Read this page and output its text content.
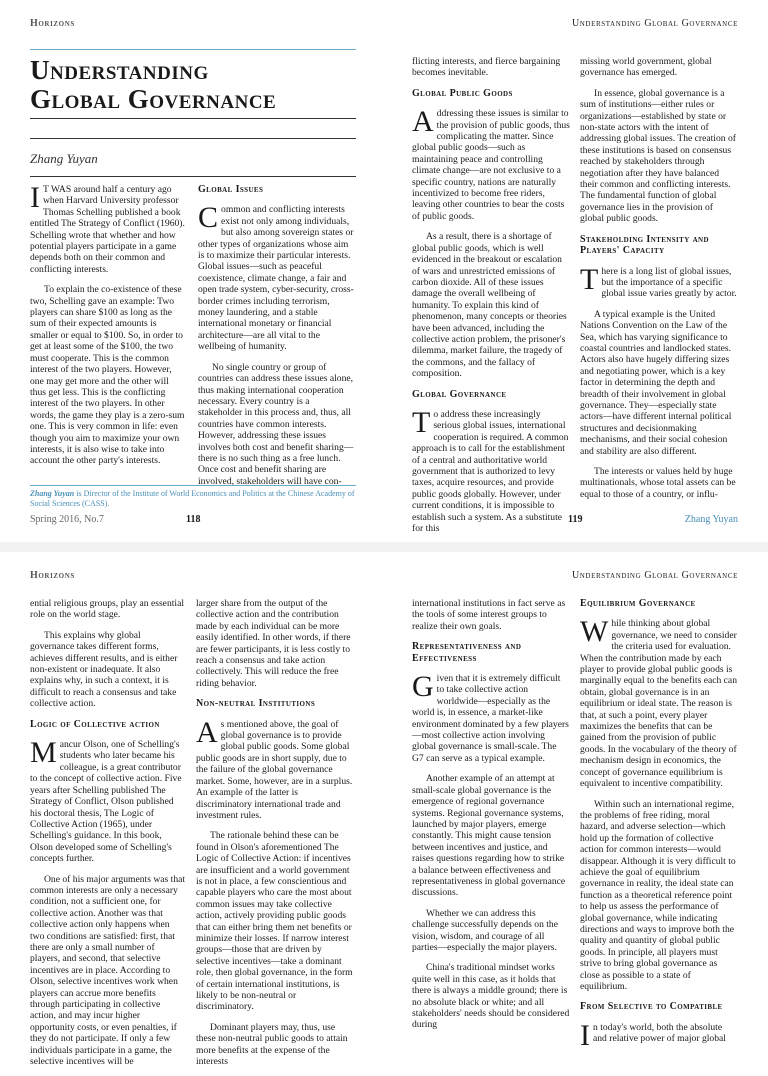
Horizons
Understanding
Global Governance
Zhang Yuyan

I T WAS around half a century ago when Harvard University professor Thomas Schelling published a book entitled The Strategy of Conflict (1960). Schelling wrote that whether and how potential players participate in a game depends both on their common and conflicting interests.

To explain the co-existence of these two, Schelling gave an example: Two players can share $100 as long as the sum of their expected amounts is smaller or equal to $100. So, in order to get at least some of the $100, the two must cooperate. This is the common interest of the two players. However, one may get more and the other will thus get less. This is the conflicting interest of the two players. In other words, the game they play is a zero-sum one. This is very common in life: even though you aim to maximize your own interests, it is also wise to take into account the other party's interests.

Global Issues

Common and conflicting interests exist not only among individuals, but also among sovereign states or other types of organizations whose aim is to maximize their particular interests. Global issues—such as peaceful coexistence, climate change, a fair and open trade system, cyber-security, cross-border crimes including terrorism, money laundering, and a stable international monetary or financial architecture—are all vital to the wellbeing of humanity.

No single country or group of countries can address these issues alone, thus making international cooperation necessary. Every country is a stakeholder in this process and, thus, all countries have common interests. However, addressing these issues involves both cost and benefit sharing—there is no such thing as a free lunch. Once cost and benefit sharing are involved, stakeholders will have con-

Zhang Yuyan is Director of the Institute of World Economics and Politics at the Chinese Academy of Social Sciences (CASS).
Spring 2016, No.7	118
Understanding Global Governance

flicting interests, and fierce bargaining becomes inevitable.

Global Public Goods

Addressing these issues is similar to the provision of public goods, thus complicating the matter. Since global public goods—such as maintaining peace and controlling climate change—are not exclusive to a specific country, nations are naturally incentivized to become free riders, leaving other countries to bear the costs of public goods.

As a result, there is a shortage of global public goods, which is well evidenced in the breakout or escalation of wars and unrestricted emissions of carbon dioxide. All of these issues damage the overall wellbeing of humanity. To explain this kind of phenomenon, many concepts or theories have been advanced, including the collective action problem, the prisoner's dilemma, market failure, the tragedy of the commons, and the fallacy of composition.

Global Governance

To address these increasingly serious global issues, international cooperation is required. A common approach is to call for the establishment of a central and authoritative world government that is authorized to levy taxes, acquire resources, and provide public goods globally. However, under current conditions, it is impossible to establish such a system. As a substitute for this

missing world government, global governance has emerged.

In essence, global governance is a sum of institutions—either rules or organizations—established by state or non-state actors with the intent of addressing global issues. The creation of these institutions is based on consensus reached by stakeholders through negotiation after they have balanced their common and conflicting interests. The fundamental function of global governance lies in the provision of global public goods.

Stakeholding Intensity and Players' Capacity

There is a long list of global issues, but the importance of a specific global issue varies greatly by actor.

A typical example is the United Nations Convention on the Law of the Sea, which has varying significance to coastal countries and landlocked states. Actors also have hugely differing sizes and negotiating power, which is a key factor in determining the depth and breadth of their involvement in global governance. They—especially state actors—have different internal political structures and decisionmaking mechanisms, and their social cohesion and stability are also different.

The interests or values held by huge multinationals, whose total assets can be equal to those of a country, or influ-

119	Zhang Yuyan
Horizons

ential religious groups, play an essential role on the world stage.

This explains why global governance takes different forms, achieves different results, and is either non-existent or inadequate. It also explains why, in such a context, it is difficult to reach a consensus and take collective action.

Logic of Collective action

Mancur Olson, one of Schelling's students who later became his colleague, is a great contributor to the concept of collective action. Five years after Schelling published The Strategy of Conflict, Olson published his doctoral thesis, The Logic of Collective Action (1965), under Schelling's guidance. In this book, Olson developed some of Schelling's concepts further.

One of his major arguments was that common interests are only a necessary condition, not a sufficient one, for collective action. Another was that collective action only happens when two conditions are satisfied: first, that there are only a small number of players, and second, that selective incentives are in place. According to Olson, selective incentives work when players can accrue more benefits through participating in collective action, and may incur higher opportunity costs, or even penalties, if they do not participate. If only a few individuals participate in a game, the selective incentives will be

larger share from the output of the collective action and the contribution made by each individual can be more easily identified. In other words, if there are fewer participants, it is less costly to reach a consensus and take action collectively. This will reduce the free riding behavior.

Non-neutral Institutions

As mentioned above, the goal of global governance is to provide global public goods. Some global public goods are in short supply, due to the failure of the global governance market. Some, however, are in a surplus. An example of the latter is discriminatory international trade and investment rules.

The rationale behind these can be found in Olson's aforementioned The Logic of Collective Action: if incentives are insufficient and a world government is not in place, a few conscientious and capable players who care the most about common issues may take collective action, actively providing public goods that can either bring them net benefits or minimize their losses. If narrow interest groups—those that are driven by selective incentives—take a dominant role, then global governance, in the form of certain international institutions, is likely to be non-neutral or discriminatory.

Dominant players may, thus, use these non-neutral public goods to attain more benefits at the expense of the interests

Understanding Global Governance

international institutions in fact serve as the tools of some interest groups to realize their own goals.

Representativeness and Effectiveness

Given that it is extremely difficult to take collective action worldwide—especially as the world is, in essence, a market-like environment dominated by a few players—most collective action involving global governance is small-scale. The G7 can serve as a typical example.

Another example of an attempt at small-scale global governance is the emergence of regional governance systems. Regional governance systems, launched by major players, emerge constantly. This might cause tension between incentives and justice, and raises questions regarding how to strike a balance between effectiveness and representativeness in global governance discussions.

Whether we can address this challenge successfully depends on the vision, wisdom, and courage of all parties—especially the major players.

China's traditional mindset works quite well in this case, as it holds that there is always a middle ground; there is no absolute black or white; and all stakeholders' needs should be considered during

Equilibrium Governance

While thinking about global governance, we need to consider the criteria used for evaluation. When the contribution made by each player to provide global public goods is marginally equal to the benefits each can obtain, global governance is in an equilibrium or ideal state. The reason is that, at such a point, every player maximizes the benefits that can be gained from the provision of public goods. In the vocabulary of the theory of mechanism design in economics, the concept of governance equilibrium is equivalent to incentive compatibility.

Within such an international regime, the problems of free riding, moral hazard, and adverse selection—which hold up the formation of collective action for common interests—would disappear. Although it is very difficult to achieve the goal of equilibrium governance in reality, the ideal state can function as a theoretical reference point to help us assess the performance of global governance, while indicating directions and ways to improve both the quality and quantity of global public goods. In principle, all players must strive to bring global governance as close as possible to a state of equilibrium.

From Selective to Compatible

In today's world, both the absolute and relative power of major global
